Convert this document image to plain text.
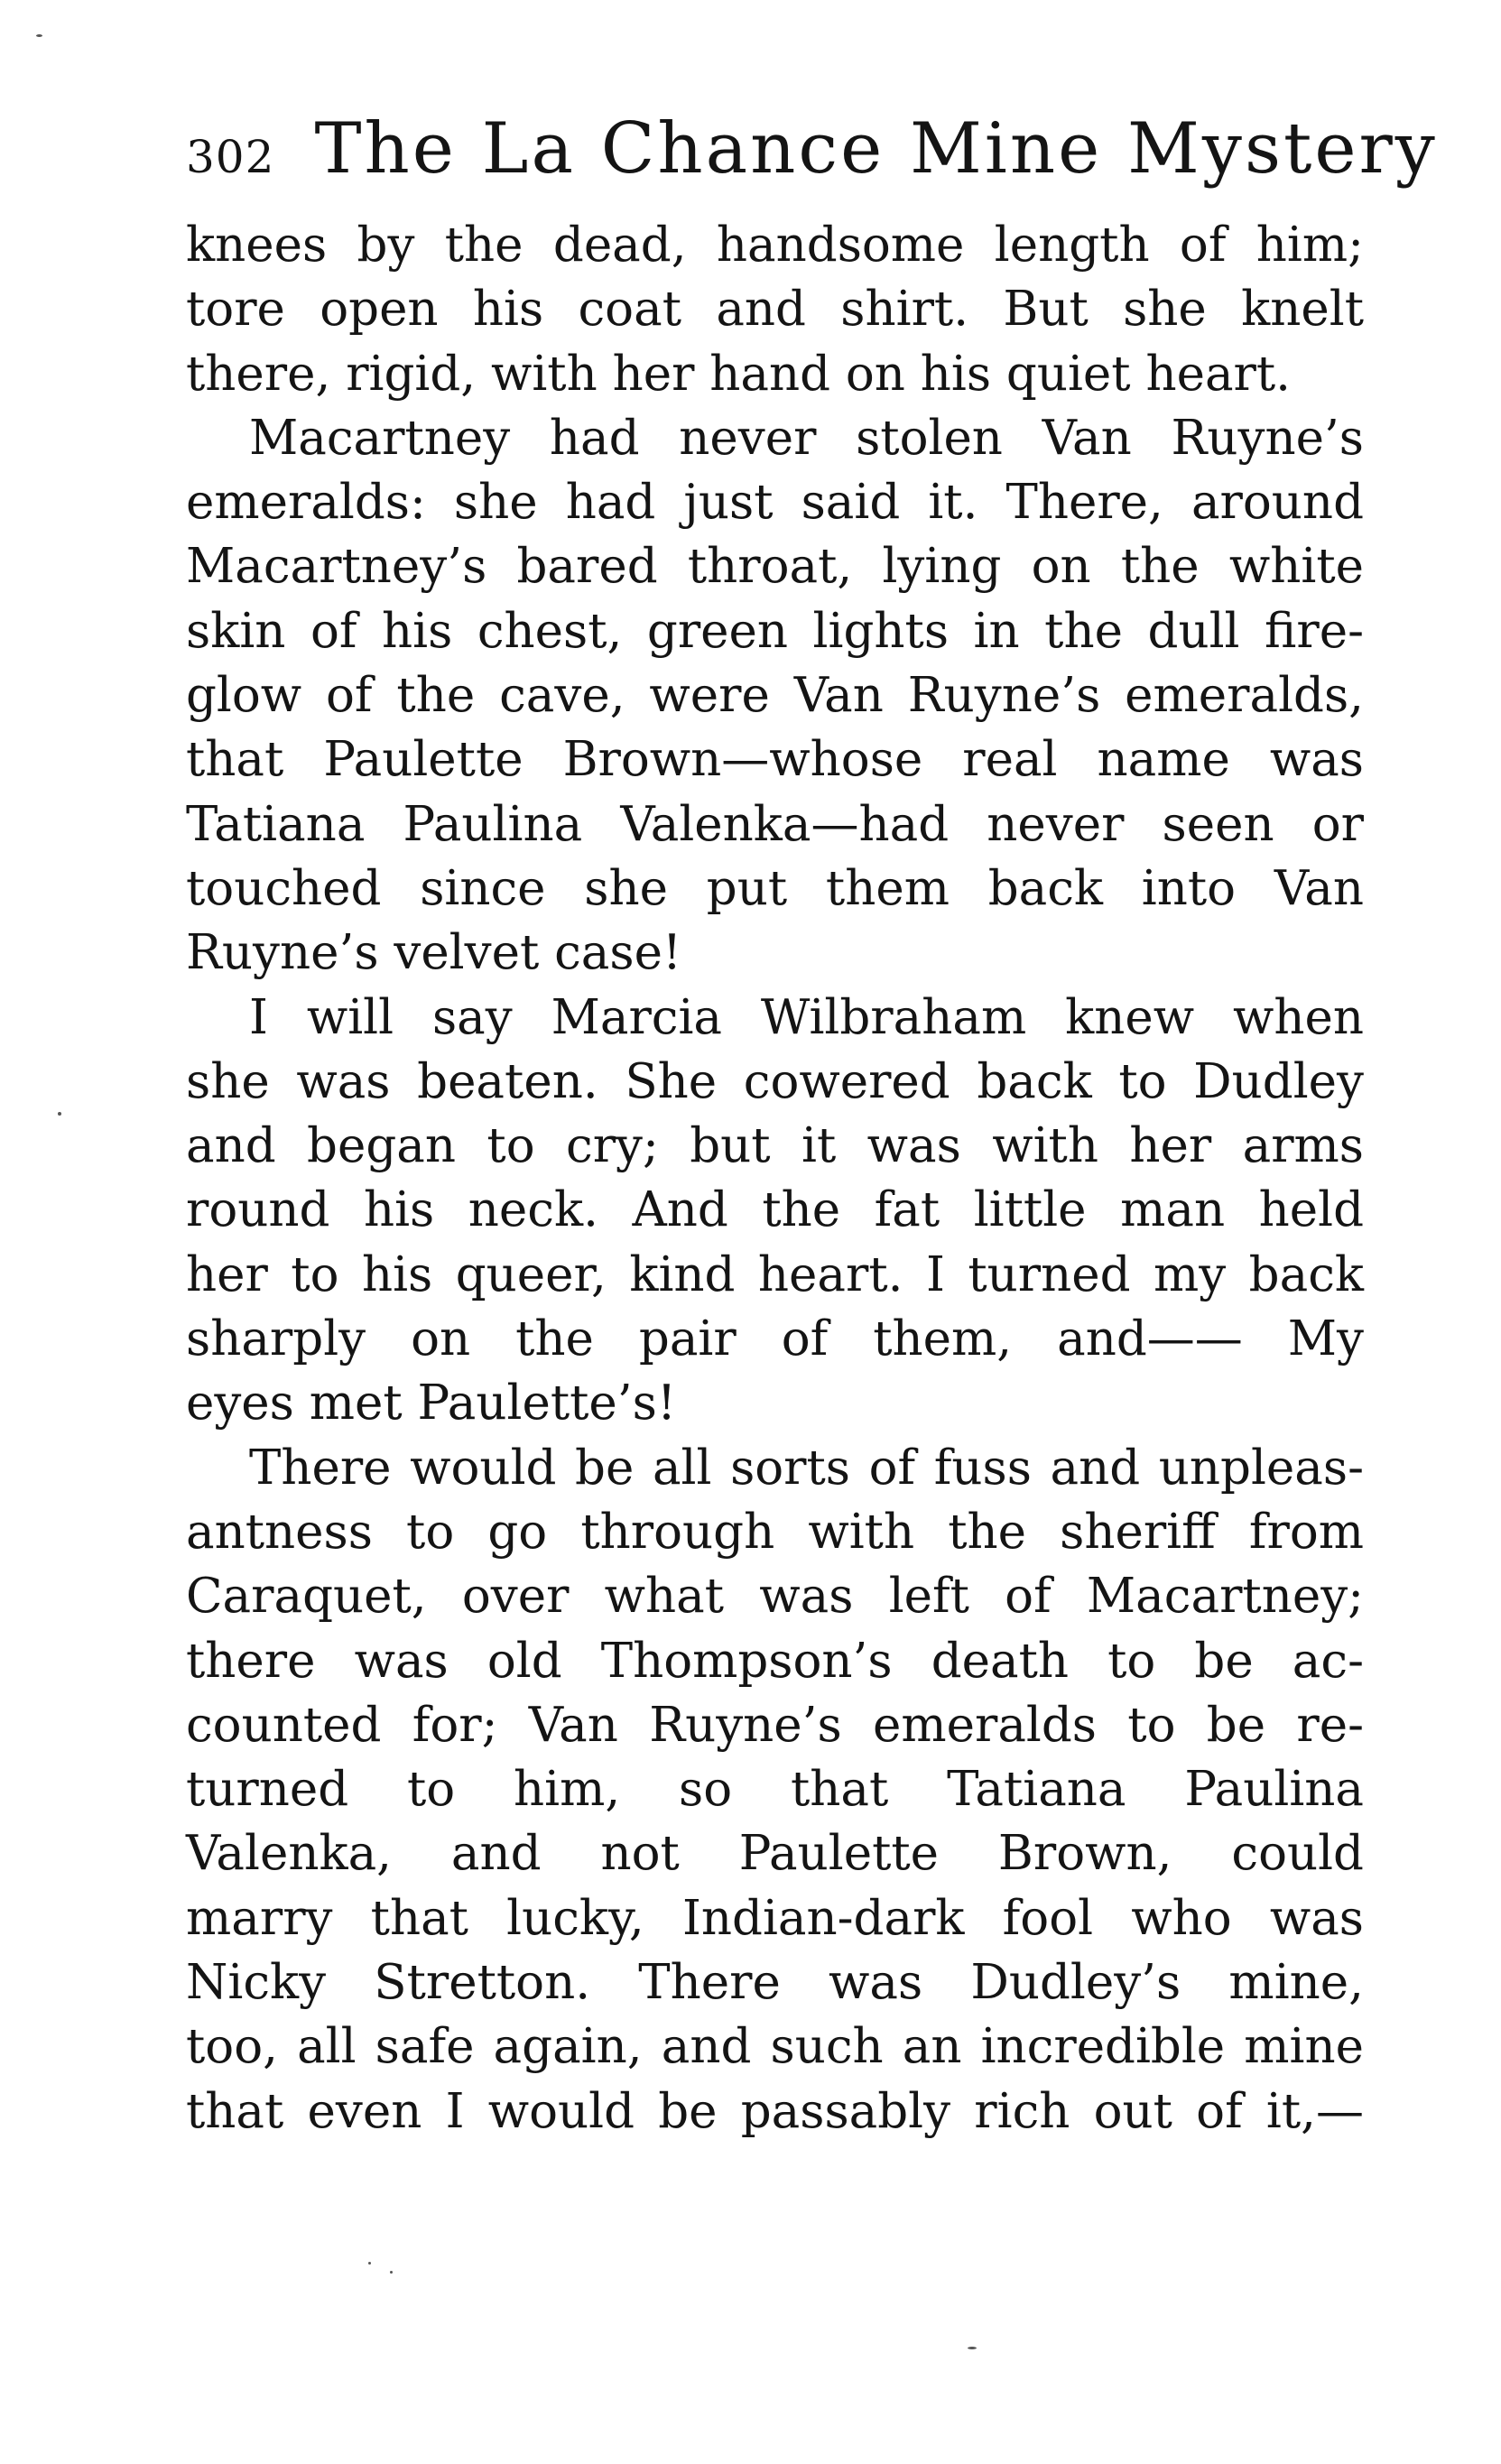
302 The La Chance Mine Mystery
knees by the dead, handsome length of him;
tore open his coat and shirt. But she knelt
there, rigid, with her hand on his quiet heart.
Macartney had never stolen Van Ruyne’s
emeralds: she had just said it. There, around
Macartney’s bared throat, lying on the white
skin of his chest, green lights in the dull fire-
glow of the cave, were Van Ruyne’s emeralds,
that Paulette Brown—whose real name was
Tatiana Paulina Valenka—had never seen or
touched since she put them back into Van
Ruyne’s velvet case!
I will say Marcia Wilbraham knew when
she was beaten. She cowered back to Dudley
and began to cry; but it was with her arms
round his neck. And the fat little man held
her to his queer, kind heart. I turned my back
sharply on the pair of them, and—— My
eyes met Paulette’s!
There would be all sorts of fuss and unpleas-
antness to go through with the sheriff from
Caraquet, over what was left of Macartney;
there was old Thompson’s death to be ac-
counted for; Van Ruyne’s emeralds to be re-
turned to him, so that Tatiana Paulina
Valenka, and not Paulette Brown, could
marry that lucky, Indian-dark fool who was
Nicky Stretton. There was Dudley’s mine,
too, all safe again, and such an incredible mine
that even I would be passably rich out of it,—
